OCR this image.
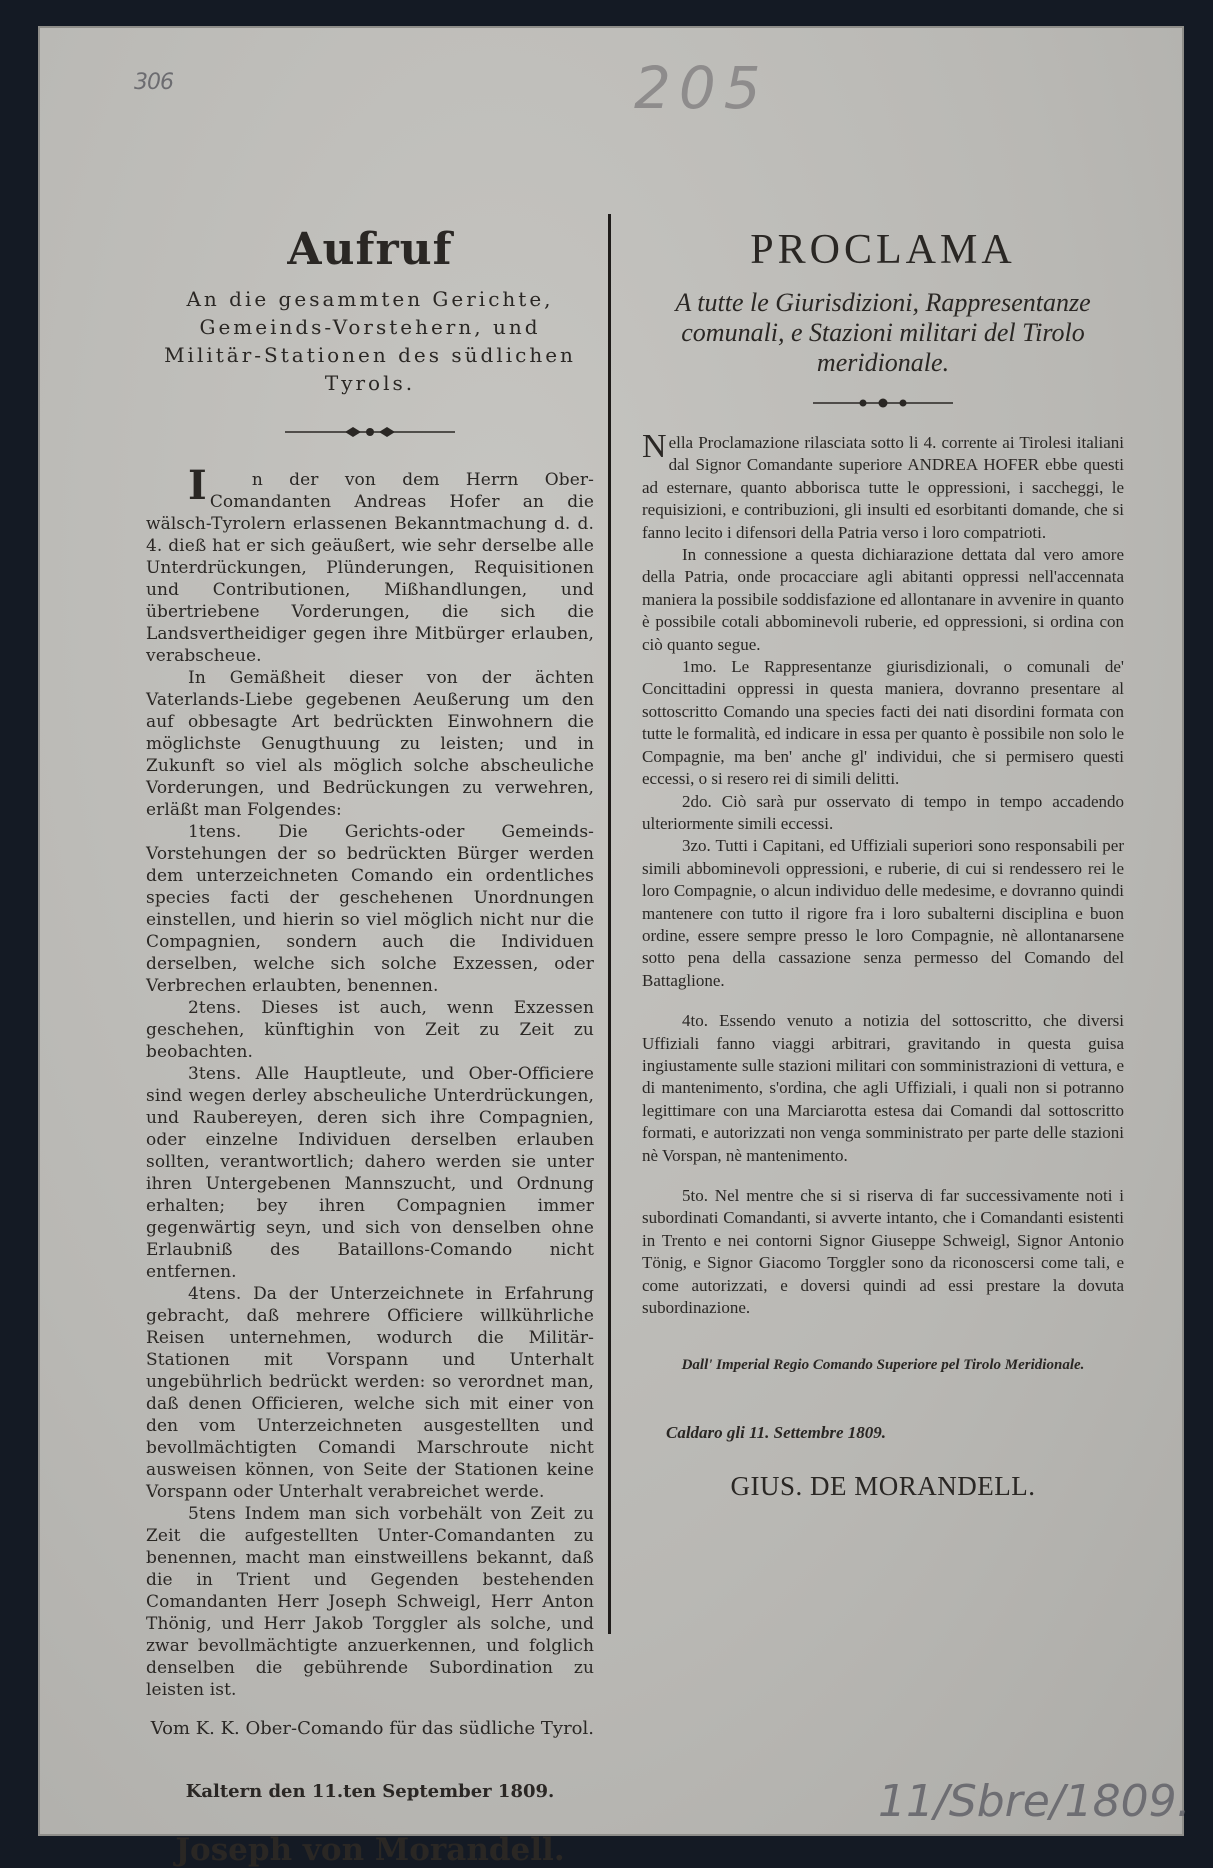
306	205
Aufruf
An die gesammten Gerichte, Gemeinds-Vorstehern, und Militär-Stationen des südlichen Tyrols.

In der von dem Herrn Ober-Comandanten Andreas Hofer an die wälsch-Tyrolern erlassenen Bekanntmachung d. d. 4. dieß hat er sich geäußert, wie sehr derselbe alle Unterdrückungen, Plünderungen, Requisitionen und Contributionen, Mißhandlungen, und übertriebene Vorderungen, die sich die Landsvertheidiger gegen ihre Mitbürger erlauben, verabscheue.

In Gemäßheit dieser von der ächten Vaterlands-Liebe gegebenen Aeußerung um den auf obbesagte Art bedrückten Einwohnern die möglichste Genugthuung zu leisten; und in Zukunft so viel als möglich solche abscheuliche Vorderungen, und Bedrückungen zu verwehren, erläßt man Folgendes:

1tens. Die Gerichts-oder Gemeinds-Vorstehungen der so bedrückten Bürger werden dem unterzeichneten Comando ein ordentliches species facti der geschehenen Unordnungen einstellen, und hierin so viel möglich nicht nur die Compagnien, sondern auch die Individuen derselben, welche sich solche Exzessen, oder Verbrechen erlaubten, benennen.

2tens. Dieses ist auch, wenn Exzessen geschehen, künftighin von Zeit zu Zeit zu beobachten.

3tens. Alle Hauptleute, und Ober-Officiere sind wegen derley abscheuliche Unterdrückungen, und Raubereyen, deren sich ihre Compagnien, oder einzelne Individuen derselben erlauben sollten, verantwortlich; dahero werden sie unter ihren Untergebenen Mannszucht, und Ordnung erhalten; bey ihren Compagnien immer gegenwärtig seyn, und sich von denselben ohne Erlaubniß des Bataillons-Comando nicht entfernen.

4tens. Da der Unterzeichnete in Erfahrung gebracht, daß mehrere Officiere willkührliche Reisen unternehmen, wodurch die Militär-Stationen mit Vorspann und Unterhalt ungebührlich bedrückt werden: so verordnet man, daß denen Officieren, welche sich mit einer von den vom Unterzeichneten ausgestellten und bevollmächtigten Comandi Marschroute nicht ausweisen können, von Seite der Stationen keine Vorspann oder Unterhalt verabreichet werde.

5tens Indem man sich vorbehält von Zeit zu Zeit die aufgestellten Unter-Comandanten zu benennen, macht man einstweillens bekannt, daß die in Trient und Gegenden bestehenden Comandanten Herr Joseph Schweigl, Herr Anton Thönig, und Herr Jakob Torggler als solche, und zwar bevollmächtigte anzuerkennen, und folglich denselben die gebührende Subordination zu leisten ist.

Vom K. K. Ober-Comando für das südliche Tyrol.
Kaltern den 11.ten September 1809.
Joseph von Morandell.
PROCLAMA
A tutte le Giurisdizioni, Rappresentanze comunali, e Stazioni militari del Tirolo meridionale.

Nella Proclamazione rilasciata sotto li 4. corrente ai Tirolesi italiani dal Signor Comandante superiore ANDREA HOFER ebbe questi ad esternare, quanto abborisca tutte le oppressioni, i saccheggi, le requisizioni, e contribuzioni, gli insulti ed esorbitanti domande, che si fanno lecito i difensori della Patria verso i loro compatrioti.

In connessione a questa dichiarazione dettata dal vero amore della Patria, onde procacciare agli abitanti oppressi nell'accennata maniera la possibile soddisfazione ed allontanare in avvenire in quanto è possibile cotali abbominevoli ruberie, ed oppressioni, si ordina con ciò quanto segue.

1mo. Le Rappresentanze giurisdizionali, o comunali de' Concittadini oppressi in questa maniera, dovranno presentare al sottoscritto Comando una species facti dei nati disordini formata con tutte le formalità, ed indicare in essa per quanto è possibile non solo le Compagnie, ma ben' anche gl' individui, che si permisero questi eccessi, o si resero rei di simili delitti.

2do. Ciò sarà pur osservato di tempo in tempo accadendo ulteriormente simili eccessi.

3zo. Tutti i Capitani, ed Uffiziali superiori sono responsabili per simili abbominevoli oppressioni, e ruberie, di cui si rendessero rei le loro Compagnie, o alcun individuo delle medesime, e dovranno quindi mantenere con tutto il rigore fra i loro subalterni disciplina e buon ordine, essere sempre presso le loro Compagnie, nè allontanarsene sotto pena della cassazione senza permesso del Comando del Battaglione.

4to. Essendo venuto a notizia del sottoscritto, che diversi Uffiziali fanno viaggi arbitrari, gravitando in questa guisa ingiustamente sulle stazioni militari con somministrazioni di vettura, e di mantenimento, s'ordina, che agli Uffiziali, i quali non si potranno legittimare con una Marciarotta estesa dai Comandi dal sottoscritto formati, e autorizzati non venga somministrato per parte delle stazioni nè Vorspan, nè mantenimento.

5to. Nel mentre che si si riserva di far successivamente noti i subordinati Comandanti, si avverte intanto, che i Comandanti esistenti in Trento e nei contorni Signor Giuseppe Schweigl, Signor Antonio Tönig, e Signor Giacomo Torggler sono da riconoscersi come tali, e come autorizzati, e doversi quindi ad essi prestare la dovuta subordinazione.

Dall' Imperial Regio Comando Superiore pel Tirolo Meridionale.
Caldaro gli 11. Settembre 1809.
GIUS. DE MORANDELL.
11/Sbre/1809.
